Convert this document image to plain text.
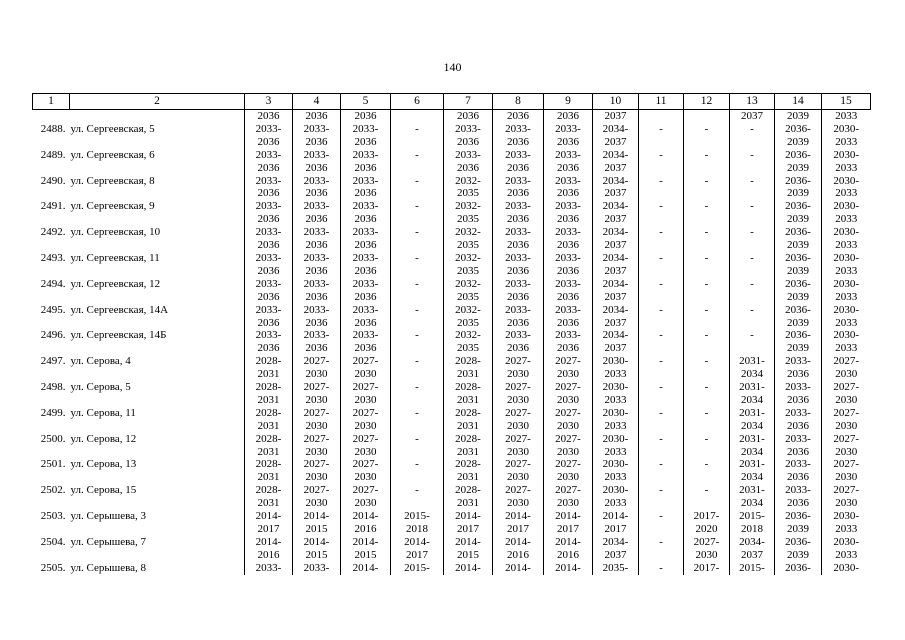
140
1	2	3	4	5	6	7	8	9	10	11	12	13	14	15
		2036	2036	2036		2036	2036	2036	2037			2037	2039	2033
2488.	ул. Сергеевская, 5	2033-	2033-	2033-	-	2033-	2033-	2033-	2034-	-	-	-	2036-	2030-
		2036	2036	2036		2036	2036	2036	2037				2039	2033
2489.	ул. Сергеевская, 6	2033-	2033-	2033-	-	2033-	2033-	2033-	2034-	-	-	-	2036-	2030-
		2036	2036	2036		2036	2036	2036	2037				2039	2033
2490.	ул. Сергеевская, 8	2033-	2033-	2033-	-	2032-	2033-	2033-	2034-	-	-	-	2036-	2030-
		2036	2036	2036		2035	2036	2036	2037				2039	2033
2491.	ул. Сергеевская, 9	2033-	2033-	2033-	-	2032-	2033-	2033-	2034-	-	-	-	2036-	2030-
		2036	2036	2036		2035	2036	2036	2037				2039	2033
2492.	ул. Сергеевская, 10	2033-	2033-	2033-	-	2032-	2033-	2033-	2034-	-	-	-	2036-	2030-
		2036	2036	2036		2035	2036	2036	2037				2039	2033
2493.	ул. Сергеевская, 11	2033-	2033-	2033-	-	2032-	2033-	2033-	2034-	-	-	-	2036-	2030-
		2036	2036	2036		2035	2036	2036	2037				2039	2033
2494.	ул. Сергеевская, 12	2033-	2033-	2033-	-	2032-	2033-	2033-	2034-	-	-	-	2036-	2030-
		2036	2036	2036		2035	2036	2036	2037				2039	2033
2495.	ул. Сергеевская, 14А	2033-	2033-	2033-	-	2032-	2033-	2033-	2034-	-	-	-	2036-	2030-
		2036	2036	2036		2035	2036	2036	2037				2039	2033
2496.	ул. Сергеевская, 14Б	2033-	2033-	2033-	-	2032-	2033-	2033-	2034-	-	-	-	2036-	2030-
		2036	2036	2036		2035	2036	2036	2037				2039	2033
2497.	ул. Серова, 4	2028-	2027-	2027-	-	2028-	2027-	2027-	2030-	-	-	2031-	2033-	2027-
		2031	2030	2030		2031	2030	2030	2033			2034	2036	2030
2498.	ул. Серова, 5	2028-	2027-	2027-	-	2028-	2027-	2027-	2030-	-	-	2031-	2033-	2027-
		2031	2030	2030		2031	2030	2030	2033			2034	2036	2030
2499.	ул. Серова, 11	2028-	2027-	2027-	-	2028-	2027-	2027-	2030-	-	-	2031-	2033-	2027-
		2031	2030	2030		2031	2030	2030	2033			2034	2036	2030
2500.	ул. Серова, 12	2028-	2027-	2027-	-	2028-	2027-	2027-	2030-	-	-	2031-	2033-	2027-
		2031	2030	2030		2031	2030	2030	2033			2034	2036	2030
2501.	ул. Серова, 13	2028-	2027-	2027-	-	2028-	2027-	2027-	2030-	-	-	2031-	2033-	2027-
		2031	2030	2030		2031	2030	2030	2033			2034	2036	2030
2502.	ул. Серова, 15	2028-	2027-	2027-	-	2028-	2027-	2027-	2030-	-	-	2031-	2033-	2027-
		2031	2030	2030		2031	2030	2030	2033			2034	2036	2030
2503.	ул. Серышева, 3	2014-	2014-	2014-	2015-	2014-	2014-	2014-	2014-	-	2017-	2015-	2036-	2030-
		2017	2015	2016	2018	2017	2017	2017	2017		2020	2018	2039	2033
2504.	ул. Серышева, 7	2014-	2014-	2014-	2014-	2014-	2014-	2014-	2034-	-	2027-	2034-	2036-	2030-
		2016	2015	2015	2017	2015	2016	2016	2037		2030	2037	2039	2033
2505.	ул. Серышева, 8	2033-	2033-	2014-	2015-	2014-	2014-	2014-	2035-	-	2017-	2015-	2036-	2030-
